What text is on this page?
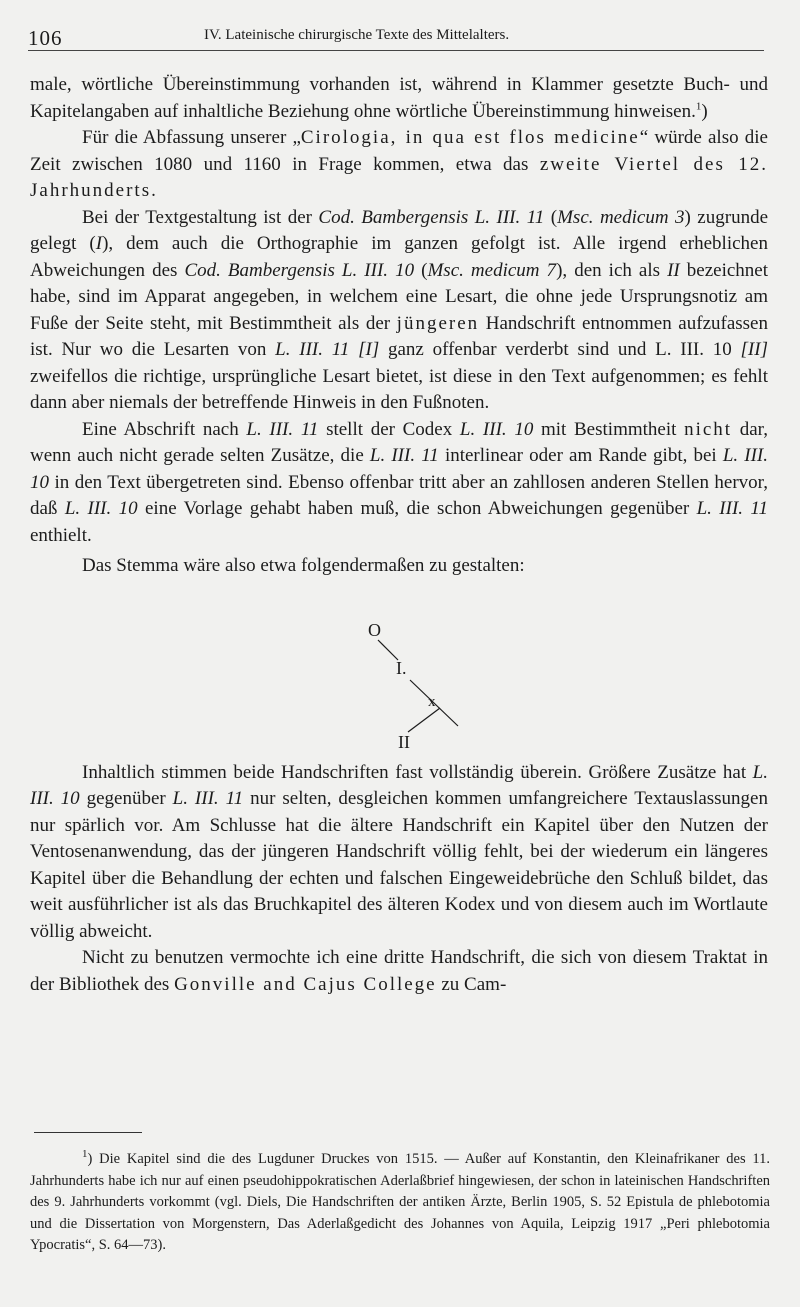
106	IV. Lateinische chirurgische Texte des Mittelalters.

male, wörtliche Übereinstimmung vorhanden ist, während in Klammer gesetzte Buch- und Kapitelangaben auf inhaltliche Beziehung ohne wörtliche Übereinstimmung hinweisen.$^1$)

Für die Abfassung unserer „Cirologia, in qua est flos medicine“ würde also die Zeit zwischen 1080 und 1160 in Frage kommen, etwa das zweite Viertel des 12. Jahrhunderts.

Bei der Textgestaltung ist der Cod. Bambergensis L. III. 11 (Msc. medicum 3) zugrunde gelegt (I), dem auch die Orthographie im ganzen gefolgt ist. Alle irgend erheblichen Abweichungen des Cod. Bambergensis L. III. 10 (Msc. medicum 7), den ich als II bezeichnet habe, sind im Apparat angegeben, in welchem eine Lesart, die ohne jede Ursprungsnotiz am Fuße der Seite steht, mit Bestimmtheit als der jüngeren Handschrift entnommen aufzufassen ist. Nur wo die Lesarten von L. III. 11 [I] ganz offenbar verderbt sind und L. III. 10 [II] zweifellos die richtige, ursprüngliche Lesart bietet, ist diese in den Text aufgenommen; es fehlt dann aber niemals der betreffende Hinweis in den Fußnoten.

Eine Abschrift nach L. III. 11 stellt der Codex L. III. 10 mit Bestimmtheit nicht dar, wenn auch nicht gerade selten Zusätze, die L. III. 11 interlinear oder am Rande gibt, bei L. III. 10 in den Text übergetreten sind. Ebenso offenbar tritt aber an zahllosen anderen Stellen hervor, daß L. III. 10 eine Vorlage gehabt haben muß, die schon Abweichungen gegenüber L. III. 11 enthielt.

Das Stemma wäre also etwa folgendermaßen zu gestalten:

O
I.
x
II

Inhaltlich stimmen beide Handschriften fast vollständig überein. Größere Zusätze hat L. III. 10 gegenüber L. III. 11 nur selten, desgleichen kommen umfangreichere Textauslassungen nur spärlich vor. Am Schlusse hat die ältere Handschrift ein Kapitel über den Nutzen der Ventosenanwendung, das der jüngeren Handschrift völlig fehlt, bei der wiederum ein längeres Kapitel über die Behandlung der echten und falschen Eingeweidebrüche den Schluß bildet, das weit ausführlicher ist als das Bruchkapitel des älteren Kodex und von diesem auch im Wortlaute völlig abweicht.

Nicht zu benutzen vermochte ich eine dritte Handschrift, die sich von diesem Traktat in der Bibliothek des Gonville and Cajus College zu Cam-

$^1$) Die Kapitel sind die des Lugduner Druckes von 1515. — Außer auf Konstantin, den Kleinafrikaner des 11. Jahrhunderts habe ich nur auf einen pseudohippokratischen Aderlaßbrief hingewiesen, der schon in lateinischen Handschriften des 9. Jahrhunderts vorkommt (vgl. Diels, Die Handschriften der antiken Ärzte, Berlin 1905, S. 52 Epistula de phlebotomia und die Dissertation von Morgenstern, Das Aderlaßgedicht des Johannes von Aquila, Leipzig 1917 „Peri phlebotomia Ypocratis“, S. 64—73).
